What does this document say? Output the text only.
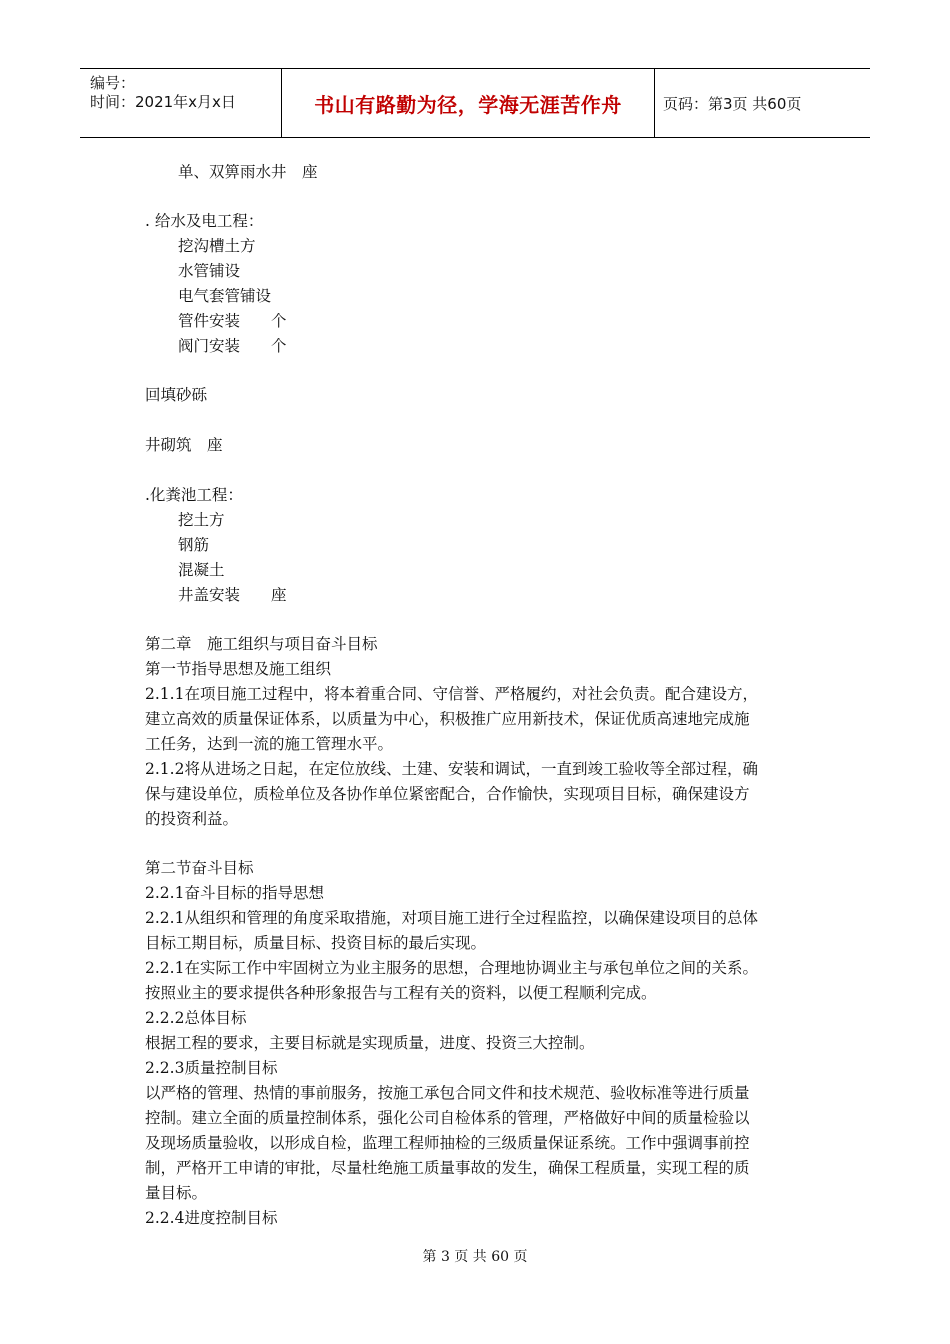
编号：
时间：2021年x月x日	书山有路勤为径，学海无涯苦作舟	页码：第3页 共60页
单、双箅雨水井　座
. 给水及电工程：
挖沟槽土方
水管铺设
电气套管铺设
管件安装　　个
阀门安装　　个
回填砂砾
井砌筑　座
.化粪池工程：
挖土方
钢筋
混凝土
井盖安装　　座
第二章　施工组织与项目奋斗目标
第一节指导思想及施工组织
2.1.1在项目施工过程中，将本着重合同、守信誉、严格履约，对社会负责。配合建设方，
建立高效的质量保证体系，以质量为中心，积极推广应用新技术，保证优质高速地完成施
工任务，达到一流的施工管理水平。
2.1.2将从进场之日起，在定位放线、土建、安装和调试，一直到竣工验收等全部过程，确
保与建设单位，质检单位及各协作单位紧密配合，合作愉快，实现项目目标，确保建设方
的投资利益。
第二节奋斗目标
2.2.1奋斗目标的指导思想
2.2.1从组织和管理的角度采取措施，对项目施工进行全过程监控，以确保建设项目的总体
目标工期目标，质量目标、投资目标的最后实现。
2.2.1在实际工作中牢固树立为业主服务的思想，合理地协调业主与承包单位之间的关系。
按照业主的要求提供各种形象报告与工程有关的资料，以便工程顺利完成。
2.2.2总体目标
根据工程的要求，主要目标就是实现质量，进度、投资三大控制。
2.2.3质量控制目标
以严格的管理、热情的事前服务，按施工承包合同文件和技术规范、验收标准等进行质量
控制。建立全面的质量控制体系，强化公司自检体系的管理，严格做好中间的质量检验以
及现场质量验收，以形成自检，监理工程师抽检的三级质量保证系统。工作中强调事前控
制，严格开工申请的审批，尽量杜绝施工质量事故的发生，确保工程质量，实现工程的质
量目标。
2.2.4进度控制目标
第 3 页 共 60 页
